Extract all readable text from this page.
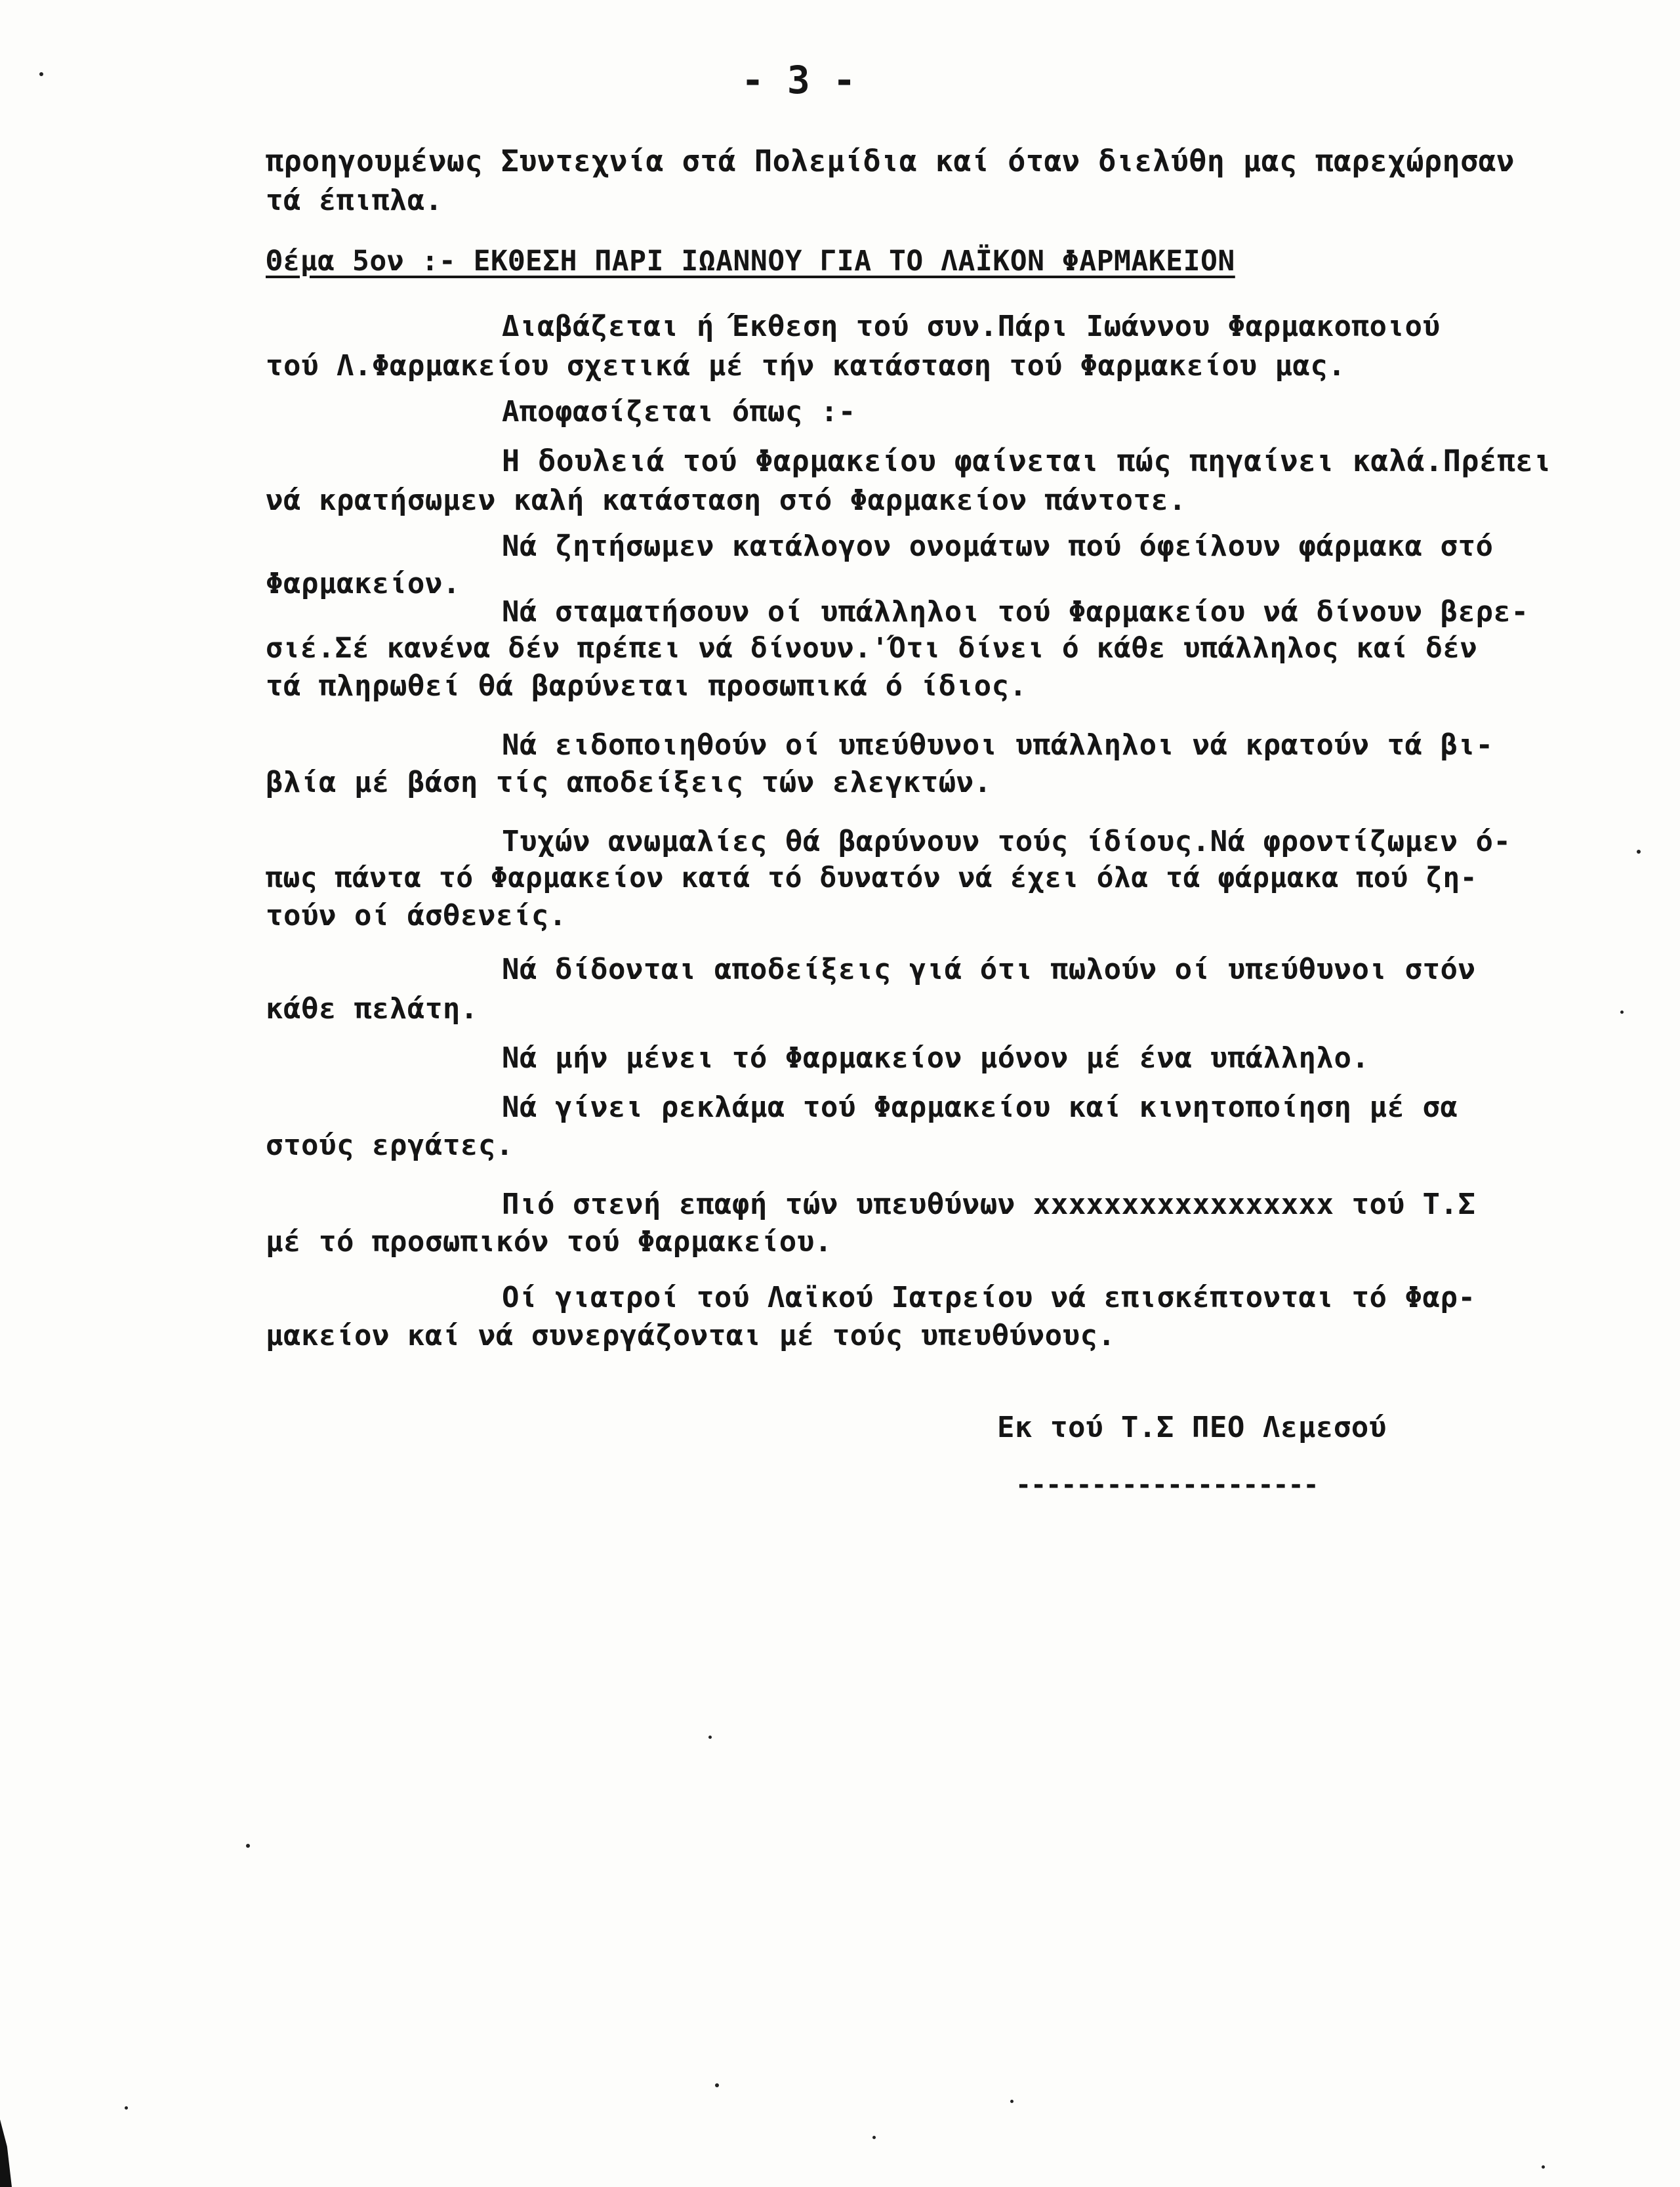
- 3 -
προηγουμένως Συντεχνία στά Πολεμίδια καί όταν διελύθη μας παρεχώρησαν
τά έπιπλα.
Θέμα 5ον :- ΕΚΘΕΣΗ ΠΑΡΙ ΙΩΑΝΝΟΥ ΓΙΑ ΤΟ ΛΑΪΚΟΝ ΦΑΡΜΑΚΕΙΟΝ
Διαβάζεται ή Έκθεση τού συν.Πάρι Ιωάννου Φαρμακοποιού
τού Λ.Φαρμακείου σχετικά μέ τήν κατάσταση τού Φαρμακείου μας.
Αποφασίζεται όπως :-
Η δουλειά τού Φαρμακείου φαίνεται πώς πηγαίνει καλά.Πρέπει
νά κρατήσωμεν καλή κατάσταση στό Φαρμακείον πάντοτε.
Νά ζητήσωμεν κατάλογον ονομάτων πού όφείλουν φάρμακα στό
Φαρμακείον.
Νά σταματήσουν οί υπάλληλοι τού Φαρμακείου νά δίνουν βερε-
σιέ.Σέ κανένα δέν πρέπει νά δίνουν.'Ότι δίνει ό κάθε υπάλληλος καί δέν
τά πληρωθεί θά βαρύνεται προσωπικά ό ίδιος.
Νά ειδοποιηθούν οί υπεύθυνοι υπάλληλοι νά κρατούν τά βι-
βλία μέ βάση τίς αποδείξεις τών ελεγκτών.
Τυχών ανωμαλίες θά βαρύνουν τούς ίδίους.Νά φροντίζωμεν ό-
πως πάντα τό Φαρμακείον κατά τό δυνατόν νά έχει όλα τά φάρμακα πού ζη-
τούν οί άσθενείς.
Νά δίδονται αποδείξεις γιά ότι πωλούν οί υπεύθυνοι στόν
κάθε πελάτη.
Νά μήν μένει τό Φαρμακείον μόνον μέ ένα υπάλληλο.
Νά γίνει ρεκλάμα τού Φαρμακείου καί κινητοποίηση μέ σα
στούς εργάτες.
Πιό στενή επαφή τών υπευθύνων xxxxxxxxxxxxxxxxx τού Τ.Σ
μέ τό προσωπικόν τού Φαρμακείου.
Οί γιατροί τού Λαϊκού Ιατρείου νά επισκέπτονται τό Φαρ-
μακείον καί νά συνεργάζονται μέ τούς υπευθύνους.
Εκ τού Τ.Σ ΠΕΟ Λεμεσού
--------------------
